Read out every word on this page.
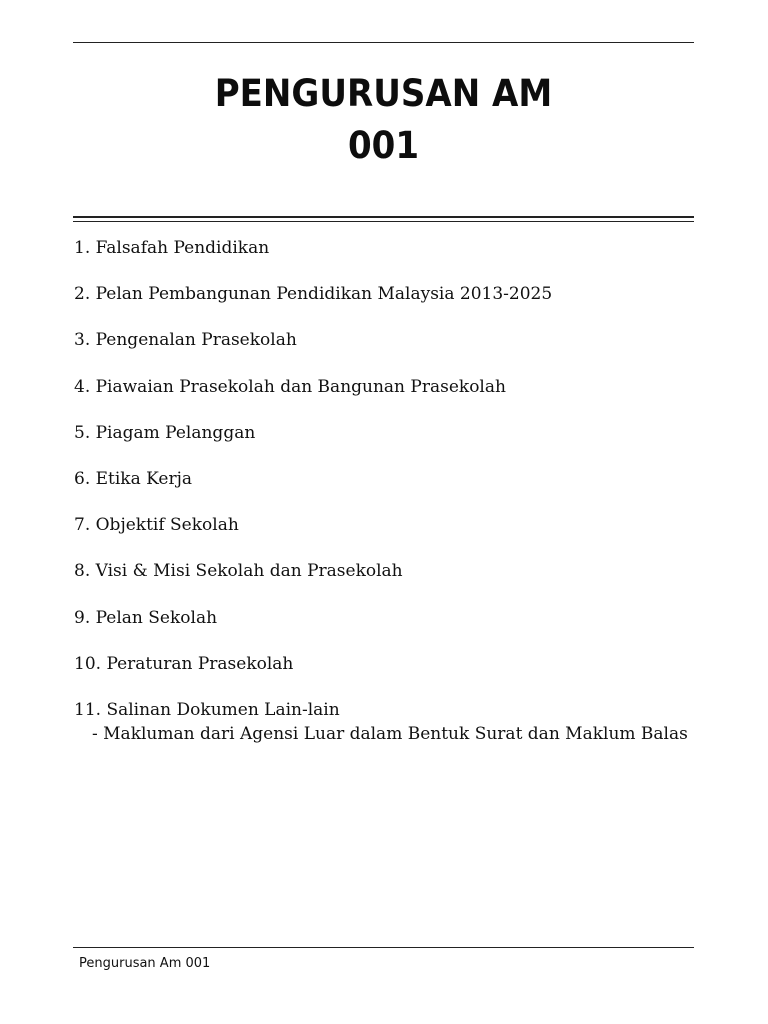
PENGURUSAN AM
001
1. Falsafah Pendidikan
2. Pelan Pembangunan Pendidikan Malaysia 2013-2025
3. Pengenalan Prasekolah
4. Piawaian Prasekolah dan Bangunan Prasekolah
5. Piagam Pelanggan
6. Etika Kerja
7. Objektif Sekolah
8. Visi & Misi Sekolah dan Prasekolah
9. Pelan Sekolah
10. Peraturan Prasekolah
11. Salinan Dokumen Lain-lain
- Makluman dari Agensi Luar dalam Bentuk Surat dan Maklum Balas
Pengurusan Am 001
